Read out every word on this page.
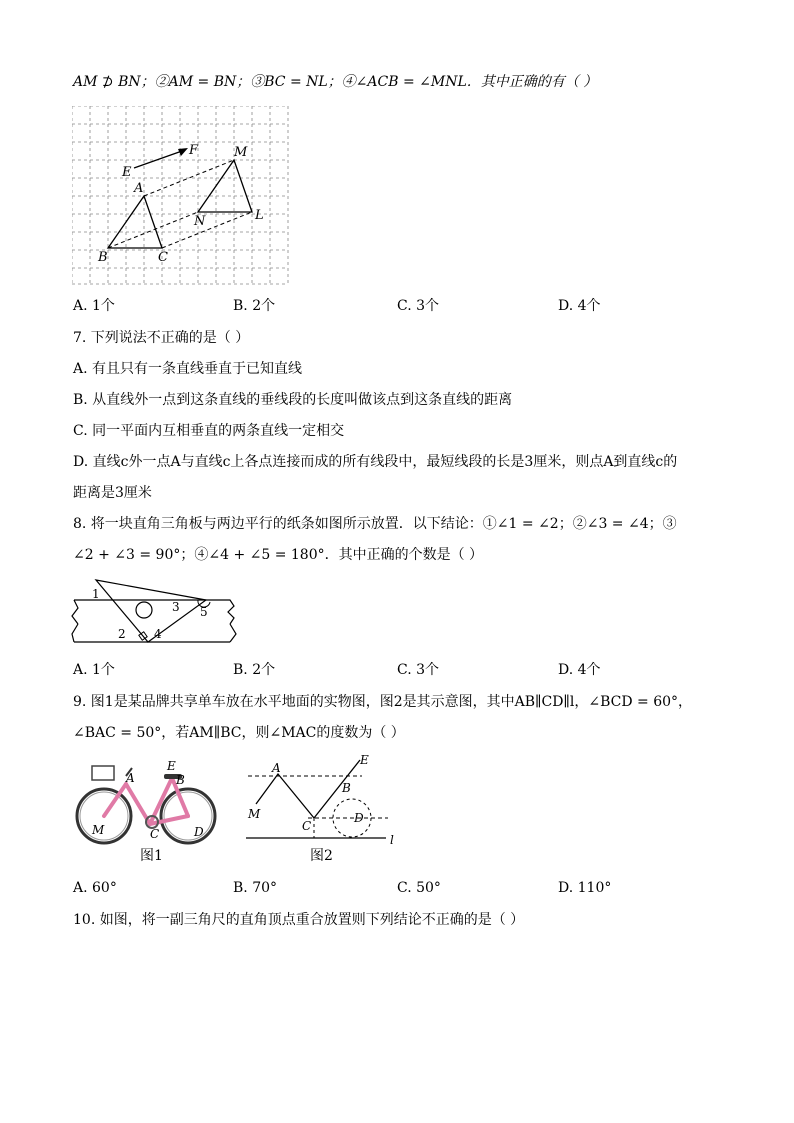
AM ⊅ BN；②AM = BN；③BC = NL；④∠ACB = ∠MNL．其中正确的有（ ）
E
F	M
A
N	L
B	C
A. 1个	B. 2个	C. 3个	D. 4个
7. 下列说法不正确的是（ ）
A. 有且只有一条直线垂直于已知直线
B. 从直线外一点到这条直线的垂线段的长度叫做该点到这条直线的距离
C. 同一平面内互相垂直的两条直线一定相交
D. 直线c外一点A与直线c上各点连接而成的所有线段中，最短线段的长是3厘米，则点A到直线c的
距离是3厘米
8. 将一块直角三角板与两边平行的纸条如图所示放置．以下结论：①∠1 = ∠2；②∠3 = ∠4；③
∠2 + ∠3 = 90°；④∠4 + ∠5 = 180°．其中正确的个数是（ ）
1
2
3
4
5
A. 1个	B. 2个	C. 3个	D. 4个
9. 图1是某品牌共享单车放在水平地面的实物图，图2是其示意图，其中AB∥CD∥l，∠BCD = 60°，
∠BAC = 50°，若AM∥BC，则∠MAC的度数为（ ）
A
E
B
M	C	D
图1
A
E
B
M
C
D
l
图2
A. 60°	B. 70°	C. 50°	D. 110°
10. 如图，将一副三角尺的直角顶点重合放置则下列结论不正确的是（ ）
